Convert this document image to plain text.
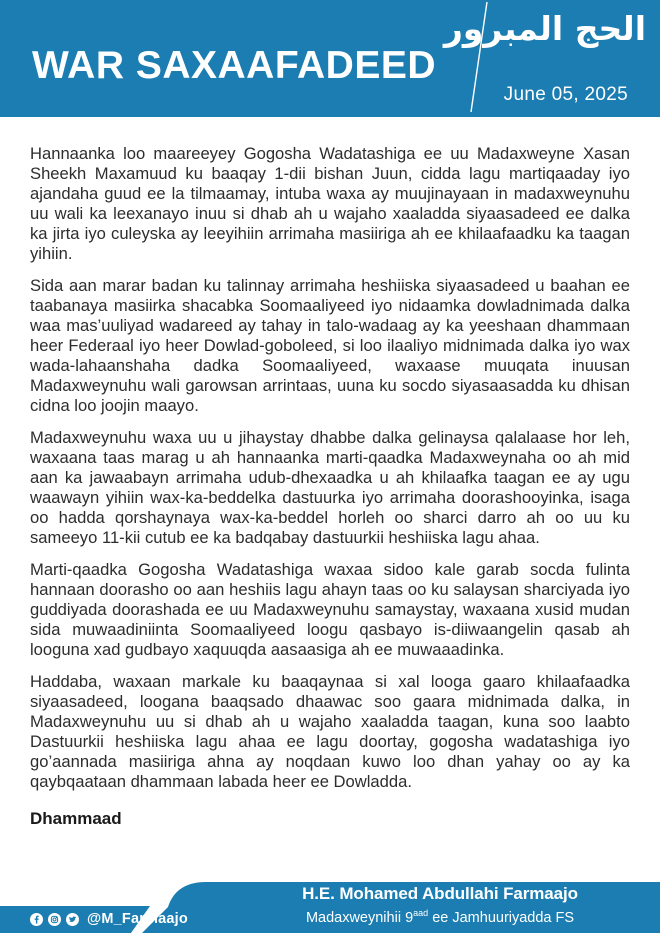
WAR SAXAAFADEED
الحج المبرور
June 05, 2025

Hannaanka loo maareeyey Gogosha Wadatashiga ee uu Madaxweyne Xasan Sheekh Maxamuud ku baaqay 1-dii bishan Juun, cidda lagu martiqaaday iyo ajandaha guud ee la tilmaamay, intuba waxa ay muujinayaan in madaxweynuhu uu wali ka leexanayo inuu si dhab ah u wajaho xaaladda siyaasadeed ee dalka ka jirta iyo culeyska ay leeyihiin arrimaha masiiriga ah ee khilaafaadku ka taagan yihiin.

Sida aan marar badan ku talinnay arrimaha heshiiska siyaasadeed u baahan ee taabanaya masiirka shacabka Soomaaliyeed iyo nidaamka dowladnimada dalka waa mas’uuliyad wadareed ay tahay in talo-wadaag ay ka yeeshaan dhammaan heer Federaal iyo heer Dowlad-goboleed, si loo ilaaliyo midnimada dalka iyo wax wada-lahaanshaha dadka Soomaaliyeed, waxaase muuqata inuusan Madaxweynuhu wali garowsan arrintaas, uuna ku socdo siyasaasadda ku dhisan cidna loo joojin maayo.

Madaxweynuhu waxa uu u jihaystay dhabbe dalka gelinaysa qalalaase hor leh, waxaana taas marag u ah hannaanka marti-qaadka Madaxweynaha oo ah mid aan ka jawaabayn arrimaha udub-dhexaadka u ah khilaafka taagan ee ay ugu waawayn yihiin wax-ka-beddelka dastuurka iyo arrimaha doorashooyinka, isaga oo hadda qorshaynaya wax-ka-beddel horleh oo sharci darro ah oo uu ku sameeyo 11-kii cutub ee ka badqabay dastuurkii heshiiska lagu ahaa.

Marti-qaadka Gogosha Wadatashiga waxaa sidoo kale garab socda fulinta hannaan doorasho oo aan heshiis lagu ahayn taas oo ku salaysan sharciyada iyo guddiyada doorashada ee uu Madaxweynuhu samaystay, waxaana xusid mudan sida muwaadiniinta Soomaaliyeed loogu qasbayo is-diiwaangelin qasab ah looguna xad gudbayo xaquuqda aasaasiga ah ee muwaaadinka.

Haddaba, waxaan markale ku baaqaynaa si xal looga gaaro khilaafaadka siyaasadeed, loogana baaqsado dhaawac soo gaara midnimada dalka, in Madaxweynuhu uu si dhab ah u wajaho xaaladda taagan, kuna soo laabto Dastuurkii heshiiska lagu ahaa ee lagu doortay, gogosha wadatashiga iyo go’aannada masiiriga ahna ay noqdaan kuwo loo dhan yahay oo ay ka qaybqaataan dhammaan labada heer ee Dowladda.

Dhammaad
@M_Farmaajo
H.E. Mohamed Abdullahi Farmaajo
Madaxweynihii $9^{aad}$ ee Jamhuuriyadda FS
